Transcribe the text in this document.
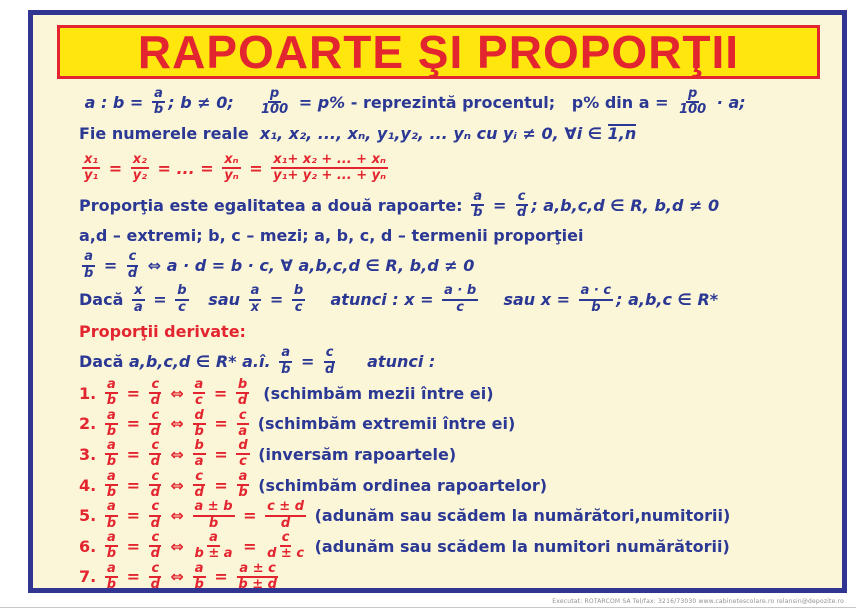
RAPOARTE ŞI PROPORŢII
a : $b = \frac{a}{b}$ ; b ≠ 0; $\frac{p}{100} = p\%$ - reprezintă procentul;   p% din $a = \frac{p}{100} \cdot a$;
Fie numerele reale x₁, x₂, ..., xₙ, y₁,y₂, ... yₙ cu yᵢ ≠ 0, ∀i ∈ 1,n
$\frac{\text{x₁}}{\text{y₁}} = \frac{\text{x₂}}{\text{y₂}}$ = ... = $\frac{\text{xₙ}}{\text{yₙ}} = \frac{\text{x₁+ x₂ + ... + xₙ}}{\text{y₁+ y₂ + ... + yₙ}}$
Proporţia este egalitatea a două rapoarte: $\frac{a}{b} = \frac{c}{d}$ ; a,b,c,d ∈ R, b,d ≠ 0
a,d – extremi; b, c – mezi; a, b, c, d – termenii proporţiei
$\frac{a}{b} = \frac{c}{d}$ ⇔ a · d = b · c, ∀ a,b,c,d ∈ R, b,d ≠ 0
Dacă $\frac{x}{a} = \frac{b}{c}$ sau $\frac{a}{x} = \frac{b}{c}$ atunci : $x = \frac{a \cdot b}{c}$ sau $x = \frac{a \cdot c}{b}$ ; a,b,c ∈ R*
Proporţii derivate:
Dacă a,b,c,d ∈ R* a.î. $\frac{a}{b} = \frac{c}{d}$ atunci :
1. $\frac{a}{b} = \frac{c}{d}$ ⇔ $\frac{a}{c} = \frac{b}{d}$ (schimbăm mezii între ei)
2. $\frac{a}{b} = \frac{c}{d}$ ⇔ $\frac{d}{b} = \frac{c}{a}$ (schimbăm extremii între ei)
3. $\frac{a}{b} = \frac{c}{d}$ ⇔ $\frac{b}{a} = \frac{d}{c}$ (inversăm rapoartele)
4. $\frac{a}{b} = \frac{c}{d}$ ⇔ $\frac{c}{d} = \frac{a}{b}$ (schimbăm ordinea rapoartelor)
5. $\frac{a}{b} = \frac{c}{d}$ ⇔ $\frac{a \pm b}{b} = \frac{c \pm d}{d}$ (adunăm sau scădem la numărători,numitorii)
6. $\frac{a}{b} = \frac{c}{d}$ ⇔ $\frac{a}{b \pm a} = \frac{c}{d \pm c}$ (adunăm sau scădem la numitori numărătorii)
7. $\frac{a}{b} = \frac{c}{d}$ ⇔ $\frac{a}{b} = \frac{a \pm c}{b \pm d}$
Executat: ROTARCOM SA Tel/fax: 3216/73030 www.cabinetescolare.ro relansin@depozite.ro
